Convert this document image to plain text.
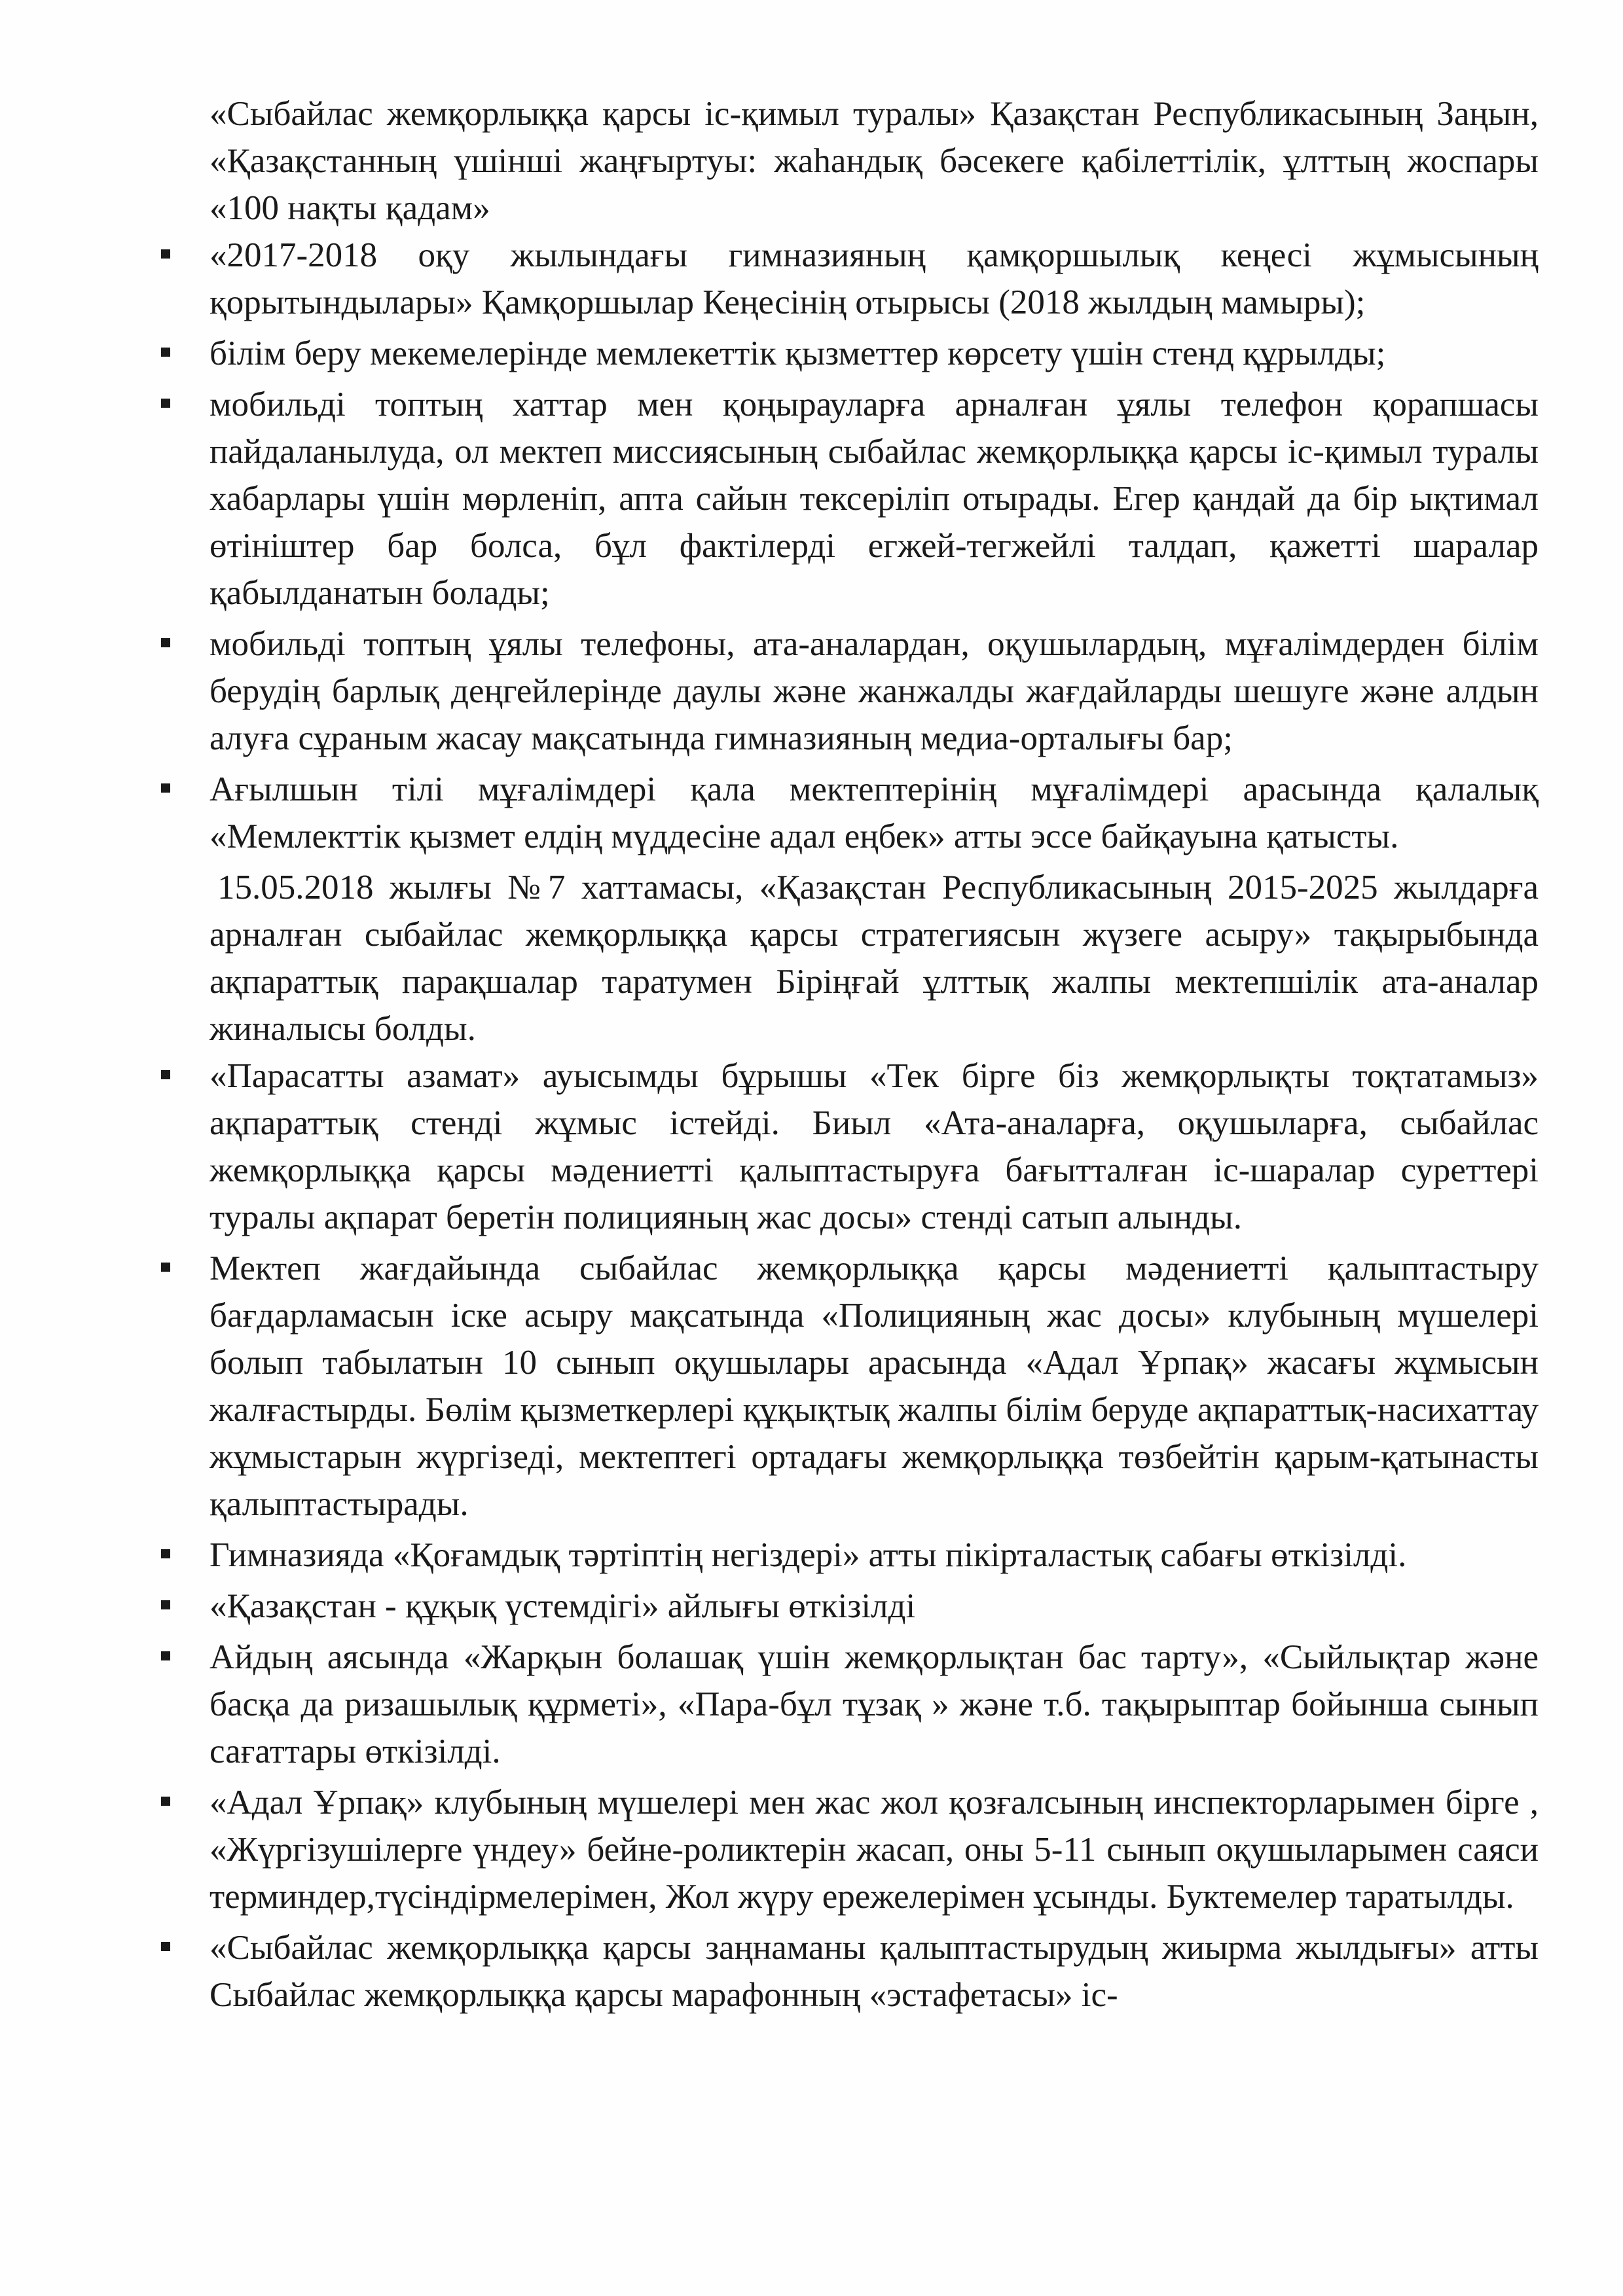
«Сыбайлас жемқорлыққа қарсы іс-қимыл туралы» Қазақстан Республикасының Заңын, «Қазақстанның үшінші жаңғыртуы: жаһандық бәсекеге қабілеттілік, ұлттың жоспары «100 нақты қадам»

«2017-2018 оқу жылындағы гимназияның қамқоршылық кеңесі жұмысының қорытындылары» Қамқоршылар Кеңесінің отырысы (2018 жылдың мамыры);
білім беру мекемелерінде мемлекеттік қызметтер көрсету үшін стенд құрылды;
мобильді топтың хаттар мен қоңырауларға арналған ұялы телефон қорапшасы пайдаланылуда, ол мектеп миссиясының сыбайлас жемқорлыққа қарсы іс-қимыл туралы хабарлары үшін мөрленіп, апта сайын тексеріліп отырады. Егер қандай да бір ықтимал өтініштер бар болса, бұл фактілерді егжей-тегжейлі талдап, қажетті шаралар қабылданатын болады;
мобильді топтың ұялы телефоны, ата-аналардан, оқушылардың, мұғалімдерден білім берудің барлық деңгейлерінде даулы және жанжалды жағдайларды шешуге және алдын алуға сұраным жасау мақсатында гимназияның медиа-орталығы бар;
Ағылшын тілі мұғалімдері қала мектептерінің мұғалімдері арасында қалалық «Мемлекттік қызмет елдің мүддесіне адал еңбек» атты эссе байқауына қатысты.

15.05.2018 жылғы №7 хаттамасы, «Қазақстан Республикасының 2015-2025 жылдарға арналған сыбайлас жемқорлыққа қарсы стратегиясын жүзеге асыру» тақырыбында ақпараттық парақшалар таратумен Біріңғай ұлттық жалпы мектепшілік ата-аналар жиналысы болды.

«Парасатты азамат» ауысымды бұрышы «Тек бірге біз жемқорлықты тоқтатамыз» ақпараттық стенді жұмыс істейді. Биыл «Ата-аналарға, оқушыларға, сыбайлас жемқорлыққа қарсы мәдениетті қалыптастыруға бағытталған іс-шаралар суреттері туралы ақпарат беретін полицияның жас досы» стенді сатып алынды.
Мектеп жағдайында сыбайлас жемқорлыққа қарсы мәдениетті қалыптастыру бағдарламасын іске асыру мақсатында «Полицияның жас досы» клубының мүшелері болып табылатын 10 сынып оқушылары арасында «Адал Ұрпақ» жасағы жұмысын жалғастырды. Бөлім қызметкерлері құқықтық жалпы білім беруде ақпараттық-насихаттау жұмыстарын жүргізеді, мектептегі ортадағы жемқорлыққа төзбейтін қарым-қатынасты қалыптастырады.
Гимназияда «Қоғамдық тәртіптің негіздері» атты пікірталастық сабағы өткізілді.
«Қазақстан - құқық үстемдігі» айлығы өткізілді
Айдың аясында «Жарқын болашақ үшін жемқорлықтан бас тарту», «Сыйлықтар және басқа да ризашылық құрметі», «Пара-бұл тұзақ » және т.б. тақырыптар бойынша сынып сағаттары өткізілді.
«Адал Ұрпақ» клубының мүшелері мен жас жол қозғалсының инспекторларымен бірге , «Жүргізушілерге үндеу» бейне-роликтерін жасап, оны 5-11 сынып оқушыларымен саяси терминдер,түсіндірмелерімен, Жол жүру ережелерімен ұсынды. Буктемелер таратылды.
«Сыбайлас жемқорлыққа қарсы заңнаманы қалыптастырудың жиырма жылдығы» атты Сыбайлас жемқорлыққа қарсы марафонның «эстафетасы» іс-
